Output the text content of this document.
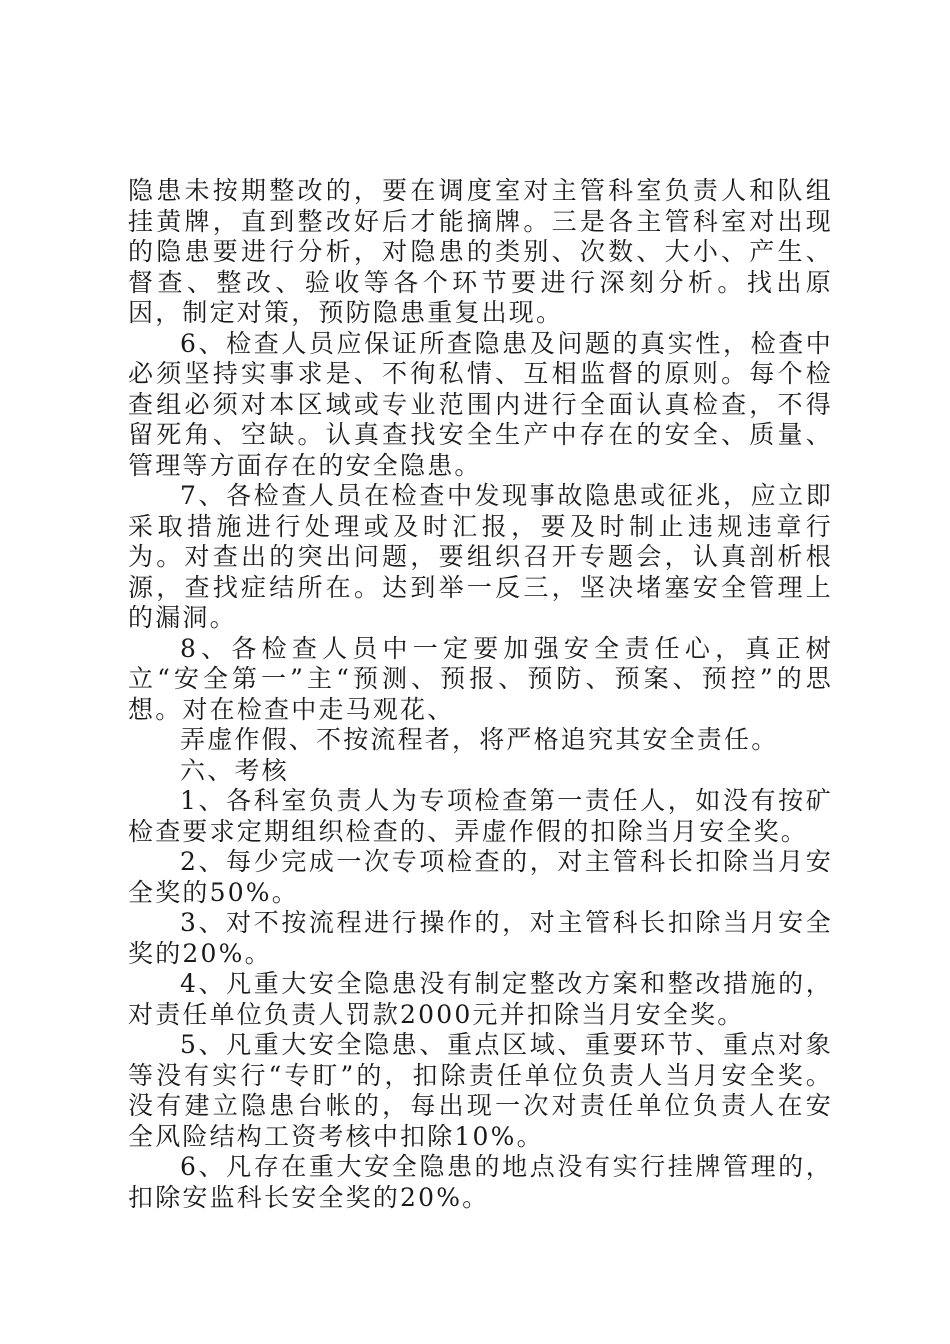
隐患未按期整改的，要在调度室对主管科室负责人和队组挂黄牌，直到整改好后才能摘牌。三是各主管科室对出现的隐患要进行分析，对隐患的类别、次数、大小、产生、督查、整改、验收等各个环节要进行深刻分析。找出原因，制定对策，预防隐患重复出现。

6、检查人员应保证所查隐患及问题的真实性，检查中必须坚持实事求是、不徇私情、互相监督的原则。每个检查组必须对本区域或专业范围内进行全面认真检查，不得留死角、空缺。认真查找安全生产中存在的安全、质量、管理等方面存在的安全隐患。

7、各检查人员在检查中发现事故隐患或征兆，应立即采取措施进行处理或及时汇报，要及时制止违规违章行为。对查出的突出问题，要组织召开专题会，认真剖析根源，查找症结所在。达到举一反三，坚决堵塞安全管理上的漏洞。

8、各检查人员中一定要加强安全责任心，真正树立“安全第一”主“预测、预报、预防、预案、预控”的思想。对在检查中走马观花、

弄虚作假、不按流程者，将严格追究其安全责任。

六、考核

1、各科室负责人为专项检查第一责任人，如没有按矿检查要求定期组织检查的、弄虚作假的扣除当月安全奖。

2、每少完成一次专项检查的，对主管科长扣除当月安全奖的50%。

3、对不按流程进行操作的，对主管科长扣除当月安全奖的20%。

4、凡重大安全隐患没有制定整改方案和整改措施的，对责任单位负责人罚款2000元并扣除当月安全奖。

5、凡重大安全隐患、重点区域、重要环节、重点对象等没有实行“专盯”的，扣除责任单位负责人当月安全奖。没有建立隐患台帐的，每出现一次对责任单位负责人在安全风险结构工资考核中扣除10%。

6、凡存在重大安全隐患的地点没有实行挂牌管理的，扣除安监科长安全奖的20%。
